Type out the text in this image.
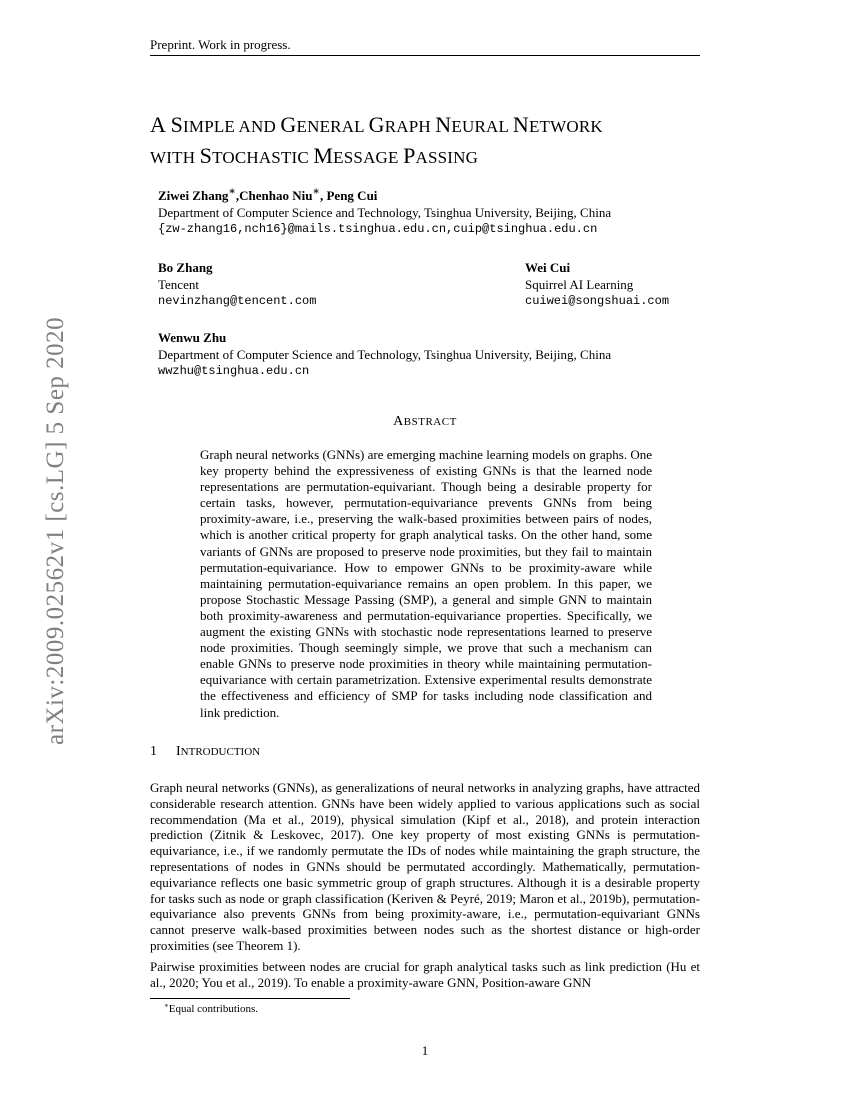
Preprint. Work in progress.
A SIMPLE AND GENERAL GRAPH NEURAL NETWORK
WITH STOCHASTIC MESSAGE PASSING
Ziwei Zhang∗,Chenhao Niu∗, Peng Cui
Department of Computer Science and Technology, Tsinghua University, Beijing, China
{zw-zhang16,nch16}@mails.tsinghua.edu.cn,cuip@tsinghua.edu.cn
Bo Zhang
Tencent
nevinzhang@tencent.com
Wei Cui
Squirrel AI Learning
cuiwei@songshuai.com
Wenwu Zhu
Department of Computer Science and Technology, Tsinghua University, Beijing, China
wwzhu@tsinghua.edu.cn
ABSTRACT
Graph neural networks (GNNs) are emerging machine learning models on graphs. One key property behind the expressiveness of existing GNNs is that the learned node representations are permutation-equivariant. Though being a desirable property for certain tasks, however, permutation-equivariance prevents GNNs from being proximity-aware, i.e., preserving the walk-based proximities between pairs of nodes, which is another critical property for graph analytical tasks. On the other hand, some variants of GNNs are proposed to preserve node proximities, but they fail to maintain permutation-equivariance. How to empower GNNs to be proximity-aware while maintaining permutation-equivariance remains an open problem. In this paper, we propose Stochastic Message Passing (SMP), a general and simple GNN to maintain both proximity-awareness and permutation-equivariance properties. Specifically, we augment the existing GNNs with stochastic node representations learned to preserve node proximities. Though seemingly simple, we prove that such a mechanism can enable GNNs to preserve node proximities in theory while maintaining permutation-equivariance with certain parametrization. Extensive experimental results demonstrate the effectiveness and efficiency of SMP for tasks including node classification and link prediction.
1 INTRODUCTION
Graph neural networks (GNNs), as generalizations of neural networks in analyzing graphs, have attracted considerable research attention. GNNs have been widely applied to various applications such as social recommendation (Ma et al., 2019), physical simulation (Kipf et al., 2018), and protein interaction prediction (Zitnik & Leskovec, 2017). One key property of most existing GNNs is permutation-equivariance, i.e., if we randomly permutate the IDs of nodes while maintaining the graph structure, the representations of nodes in GNNs should be permutated accordingly. Mathematically, permutation-equivariance reflects one basic symmetric group of graph structures. Although it is a desirable property for tasks such as node or graph classification (Keriven & Peyré, 2019; Maron et al., 2019b), permutation-equivariance also prevents GNNs from being proximity-aware, i.e., permutation-equivariant GNNs cannot preserve walk-based proximities between nodes such as the shortest distance or high-order proximities (see Theorem 1).
Pairwise proximities between nodes are crucial for graph analytical tasks such as link prediction (Hu et al., 2020; You et al., 2019). To enable a proximity-aware GNN, Position-aware GNN
∗Equal contributions.
1
arXiv:2009.02562v1 [cs.LG] 5 Sep 2020
